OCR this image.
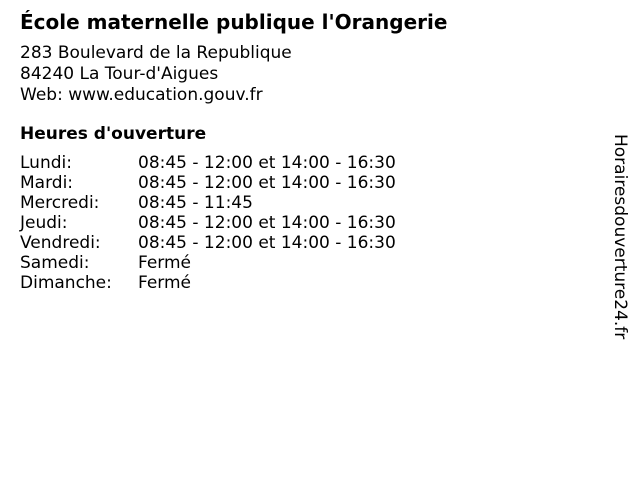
École maternelle publique l'Orangerie
283 Boulevard de la Republique
84240 La Tour-d'Aigues
Web: www.education.gouv.fr
Heures d'ouverture
Lundi:	08:45 - 12:00 et 14:00 - 16:30
Mardi:	08:45 - 12:00 et 14:00 - 16:30
Mercredi:	08:45 - 11:45
Jeudi:	08:45 - 12:00 et 14:00 - 16:30
Vendredi:	08:45 - 12:00 et 14:00 - 16:30
Samedi:	Fermé
Dimanche:	Fermé	Horairesdouverture24.fr
